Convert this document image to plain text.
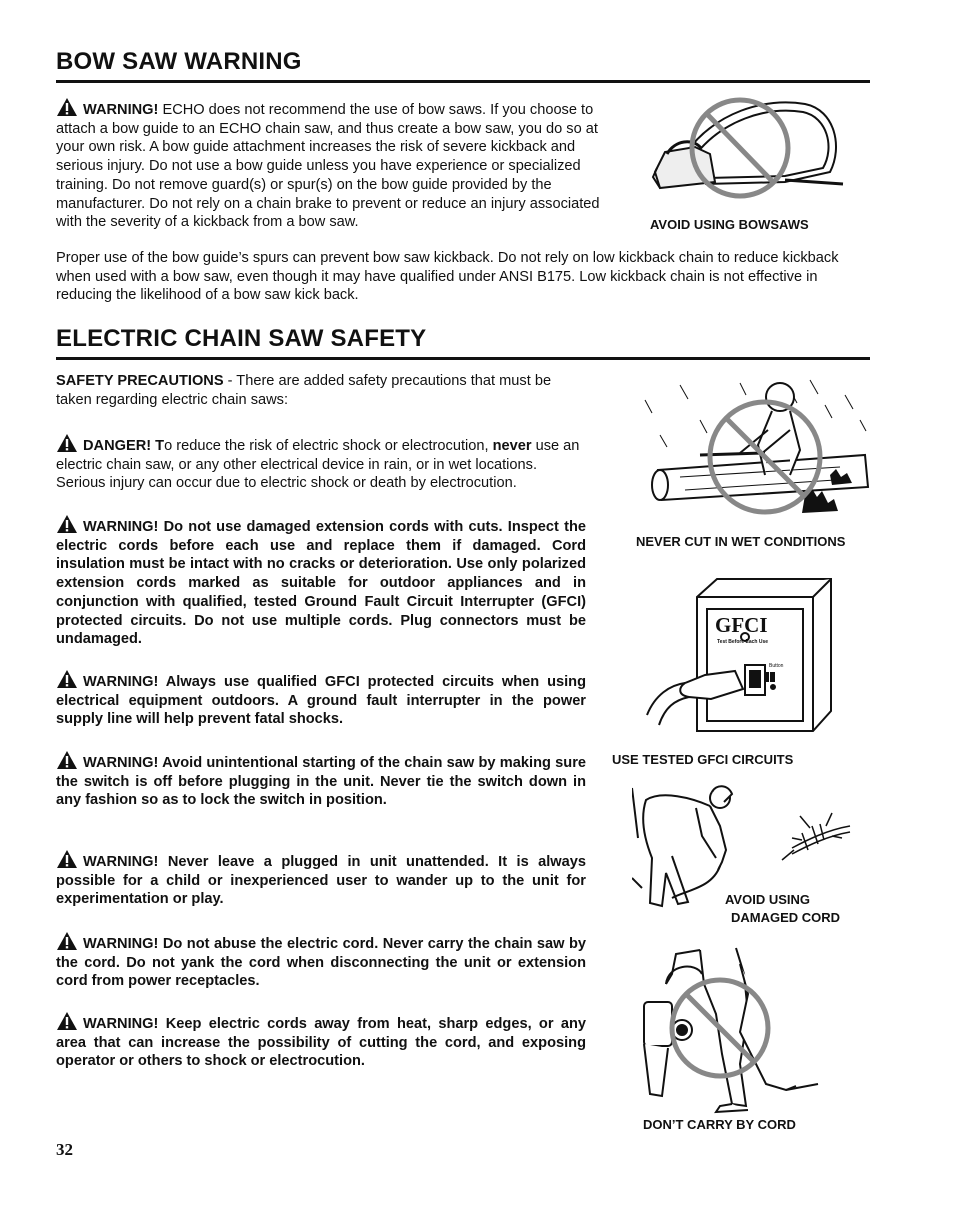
BOW SAW WARNING

WARNING! ECHO does not recommend the use of bow saws. If you choose to attach a bow guide to an ECHO chain saw, and thus create a bow saw, you do so at your own risk. A bow guide attachment increases the risk of severe kickback and serious injury. Do not use a bow guide unless you have experience or specialized training. Do not remove guard(s) or spur(s) on the bow guide provided by the manufacturer. Do not rely on a chain brake to prevent or reduce an injury associated with the severity of a kickback from a bow saw.	AVOID USING BOWSAWS

Proper use of the bow guide’s spurs can prevent bow saw kickback. Do not rely on low kickback chain to reduce kickback when used with a bow saw, even though it may have qualified under ANSI B175. Low kickback chain is not effective in reducing the likelihood of a bow saw kick back.

ELECTRIC CHAIN SAW SAFETY

SAFETY PRECAUTIONS - There are added safety precautions that must be taken regarding electric chain saws:

DANGER! To reduce the risk of electric shock or electrocution, never use an electric chain saw, or any other electrical device in rain, or in wet locations. Serious injury can occur due to electric shock or death by electrocution.

WARNING! Do not use damaged extension cords with cuts. Inspect the electric cords before each use and replace them if damaged. Cord insulation must be intact with no cracks or deterioration. Use only polarized extension cords marked as suitable for outdoor appliances and in conjunction with qualified, tested Ground Fault Circuit Interrupter (GFCI) protected circuits. Do not use multiple cords. Plug connectors must be undamaged.

WARNING! Always use qualified GFCI protected circuits when using electrical equipment outdoors. A ground fault interrupter in the power supply line will help prevent fatal shocks.

WARNING! Avoid unintentional starting of the chain saw by making sure the switch is off before plugging in the unit. Never tie the switch down in any fashion so as to lock the switch in position.

WARNING! Never leave a plugged in unit unattended. It is always possible for a child or inexperienced user to wander up to the unit for experimentation or play.

WARNING! Do not abuse the electric cord. Never carry the chain saw by the cord. Do not yank the cord when disconnecting the unit or extension cord from power receptacles.

WARNING! Keep electric cords away from heat, sharp edges, or any area that can increase the possibility of cutting the cord, and exposing operator or others to shock or electrocution.

NEVER CUT IN WET CONDITIONS
GFCI
Test Before Each Use
Button
USE TESTED GFCI CIRCUITS
AVOID USING
DAMAGED CORD
DON’T CARRY BY CORD
32
